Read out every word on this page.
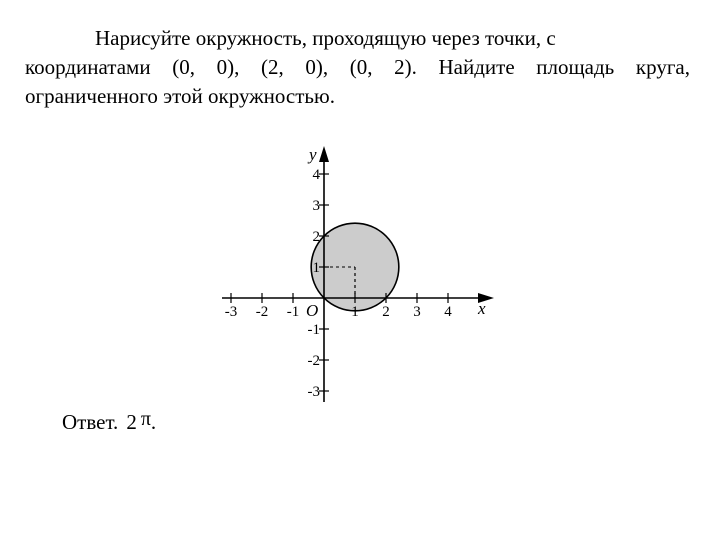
Нарисуйте окружность, проходящую через точки, с
координатами (0, 0), (2, 0), (0, 2). Найдите площадь круга,
ограниченного этой окружностью.
-3 -2 -1	1 2 3 4
4
3
2
1
-1
-2
-3
x
y
O
Ответ. 2 π.
